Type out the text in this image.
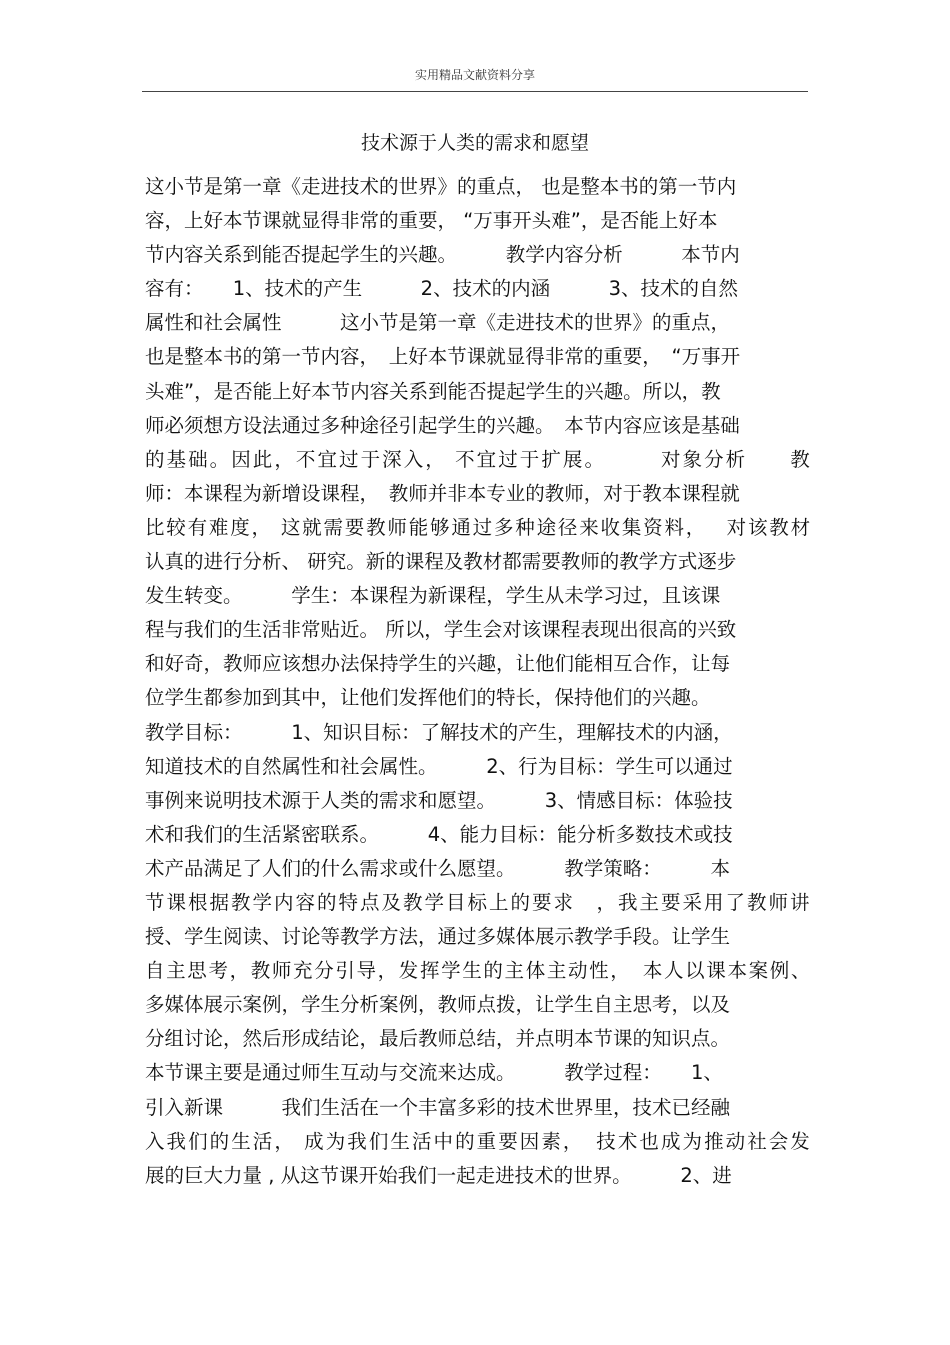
实用精品文献资料分享
技术源于人类的需求和愿望
这小节是第一章《走进技术的世界》的重点， 也是整本书的第一节内
容，上好本节课就显得非常的重要， “万事开头难”，是否能上好本
节内容关系到能否提起学生的兴趣。　　　教学内容分析　　　本节内
容有：　　1、技术的产生　　　2、技术的内涵　　　3、技术的自然
属性和社会属性　　　这小节是第一章《走进技术的世界》的重点，
也是整本书的第一节内容，　上好本节课就显得非常的重要，　“万事开
头难”，是否能上好本节内容关系到能否提起学生的兴趣。所以，教
师必须想方设法通过多种途径引起学生的兴趣。　本节内容应该是基础
的基础。因此，不宜过于深入， 不宜过于扩展。　　　对象分析　　教
师：本课程为新增设课程，　教师并非本专业的教师，对于教本课程就
比较有难度， 这就需要教师能够通过多种途径来收集资料，　 对该教材
认真的进行分析、 研究。新的课程及教材都需要教师的教学方式逐步
发生转变。　　　学生：本课程为新课程，学生从未学习过，且该课
程与我们的生活非常贴近。 所以，学生会对该课程表现出很高的兴致
和好奇，教师应该想办法保持学生的兴趣，让他们能相互合作，让每
位学生都参加到其中，让他们发挥他们的特长，保持他们的兴趣。
教学目标：　　　1、知识目标：了解技术的产生，理解技术的内涵，
知道技术的自然属性和社会属性。　　　2、行为目标：学生可以通过
事例来说明技术源于人类的需求和愿望。　　　3、情感目标：体验技
术和我们的生活紧密联系。　　　4、能力目标：能分析多数技术或技
术产品满足了人们的什么需求或什么愿望。　　　教学策略：　　　本
节课根据教学内容的特点及教学目标上的要求　，我主要采用了教师讲
授、学生阅读、讨论等教学方法，通过多媒体展示教学手段。让学生
自主思考，教师充分引导，发挥学生的主体主动性，　本人以课本案例、
多媒体展示案例，学生分析案例，教师点拨，让学生自主思考，以及
分组讨论，然后形成结论，最后教师总结，并点明本节课的知识点。
本节课主要是通过师生互动与交流来达成。　　　教学过程：　　1、
引入新课　　　我们生活在一个丰富多彩的技术世界里，技术已经融
入我们的生活， 成为我们生活中的重要因素，　技术也成为推动社会发
展的巨大力量 , 从这节课开始我们一起走进技术的世界。　　　2、进
